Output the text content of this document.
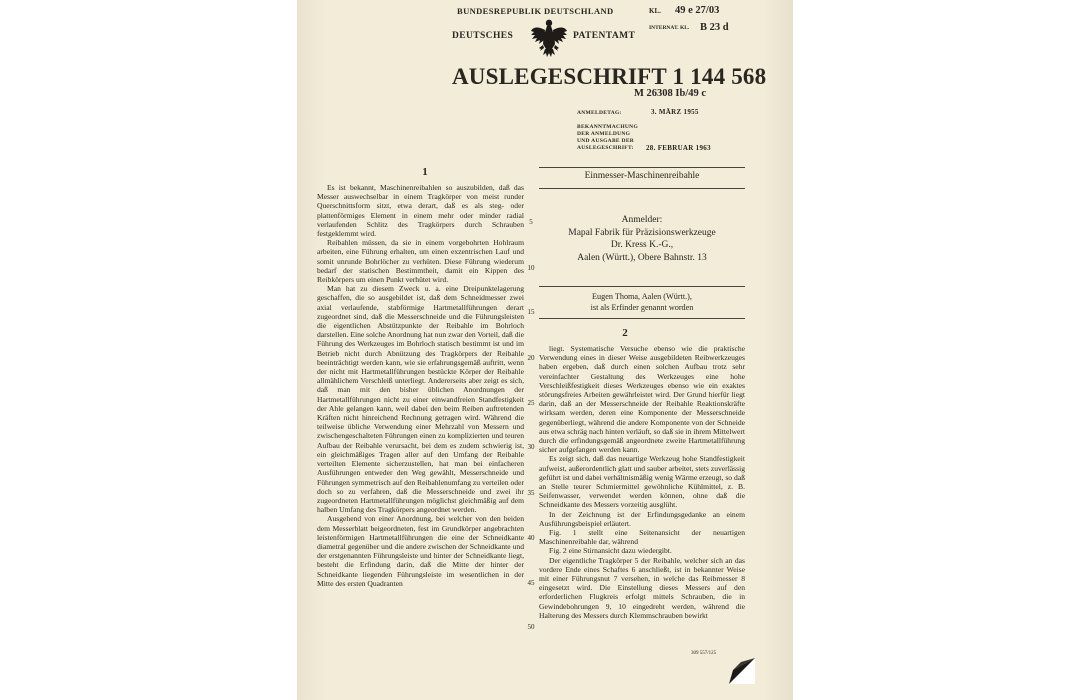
BUNDESREPUBLIK DEUTSCHLAND	KL. 49 e 27/03
DEUTSCHES	PATENTAMT
INTERNAT. KL. B 23 d
AUSLEGESCHRIFT 1 144 568
M 26308 Ib/49 c
ANMELDETAG:	3. MÄRZ 1955
BEKANNTMACHUNG
DER ANMELDUNG
UND AUSGABE DER
AUSLEGESCHRIFT:	28. FEBRUAR 1963
1

Es ist bekannt, Maschinenreibahlen so auszubilden, daß das Messer auswechselbar in einem Tragkörper von meist runder Querschnittsform sitzt, etwa derart, daß es als steg- oder plattenförmiges Element in einem mehr oder minder radial verlaufenden Schlitz des Tragkörpers durch Schrauben festgeklemmt wird.

Reibahlen müssen, da sie in einem vorgebohrten Hohlraum arbeiten, eine Führung erhalten, um einen exzentrischen Lauf und somit unrunde Bohrlöcher zu verhüten. Diese Führung wiederum bedarf der statischen Bestimmtheit, damit ein Kippen des Reibkörpers um einen Punkt verhütet wird.

Man hat zu diesem Zweck u. a. eine Dreipunktelagerung geschaffen, die so ausgebildet ist, daß dem Schneidmesser zwei axial verlaufende, stabförmige Hartmetallführungen derart zugeordnet sind, daß die Messerschneide und die Führungsleisten die eigentlichen Abstützpunkte der Reibahle im Bohrloch darstellen. Eine solche Anordnung hat nun zwar den Vorteil, daß die Führung des Werkzeuges im Bohrloch statisch bestimmt ist und im Betrieb nicht durch Abnützung des Tragkörpers der Reibahle beeinträchtigt werden kann, wie sie erfahrungsgemäß auftritt, wenn der nicht mit Hartmetallführungen bestückte Körper der Reibahle allmählichem Verschleiß unterliegt. Andererseits aber zeigt es sich, daß man mit den bisher üblichen Anordnungen der Hartmetallführungen nicht zu einer einwandfreien Standfestigkeit der Ahle gelangen kann, weil dabei den beim Reiben auftretenden Kräften nicht hinreichend Rechnung getragen wird. Während die teilweise übliche Verwendung einer Mehrzahl von Messern und zwischengeschalteten Führungen einen zu komplizierten und teuren Aufbau der Reibahle verursacht, bei dem es zudem schwierig ist, ein gleichmäßiges Tragen aller auf den Umfang der Reibahle verteilten Elemente sicherzustellen, hat man bei einfacheren Ausführungen entweder den Weg gewählt, Messerschneide und Führungen symmetrisch auf den Reibahlenumfang zu verteilen oder doch so zu verfahren, daß die Messerschneide und zwei ihr zugeordneten Hartmetallführungen möglichst gleichmäßig auf dem halben Umfang des Tragkörpers angeordnet werden.

Ausgehend von einer Anordnung, bei welcher von den beiden dem Messerblatt beigeordneten, fest im Grundkörper angebrachten leistenförmigen Hartmetallführungen die eine der Schneidkante diametral gegenüber und die andere zwischen der Schneidkante und der erstgenannten Führungsleiste und hinter der Schneidkante liegt, besteht die Erfindung darin, daß die Mitte der hinter der Schneidkante liegenden Führungsleiste im wesentlichen in der Mitte des ersten Quadranten

Einmesser-Maschinenreibahle
Anmelder:
Mapal Fabrik für Präzisionswerkzeuge
Dr. Kress K.-G.,
Aalen (Württ.), Obere Bahnstr. 13
Eugen Thoma, Aalen (Württ.),
ist als Erfinder genannt worden
2

liegt. Systematische Versuche ebenso wie die praktische Verwendung eines in dieser Weise ausgebildeten Reibwerkzeuges haben ergeben, daß durch einen solchen Aufbau trotz sehr vereinfachter Gestaltung des Werkzeuges eine hohe Verschleißfestigkeit dieses Werkzeuges ebenso wie ein exaktes störungsfreies Arbeiten gewährleistet wird. Der Grund hierfür liegt darin, daß an der Messerschneide der Reibahle Reaktionskräfte wirksam werden, deren eine Komponente der Messerschneide gegenüberliegt, während die andere Komponente von der Schneide aus etwa schräg nach hinten verläuft, so daß sie in ihrem Mittelwert durch die erfindungsgemäß angeordnete zweite Hartmetallführung sicher aufgefangen werden kann.

Es zeigt sich, daß das neuartige Werkzeug hohe Standfestigkeit aufweist, außerordentlich glatt und sauber arbeitet, stets zuverlässig geführt ist und dabei verhältnismäßig wenig Wärme erzeugt, so daß an Stelle teurer Schmiermittel gewöhnliche Kühlmittel, z. B. Seifenwasser, verwendet werden können, ohne daß die Schneidkante des Messers vorzeitig ausglüht.

In der Zeichnung ist der Erfindungsgedanke an einem Ausführungsbeispiel erläutert.

Fig. 1 stellt eine Seitenansicht der neuartigen Maschinenreibahle dar, während

Fig. 2 eine Stirnansicht dazu wiedergibt.

Der eigentliche Tragkörper 5 der Reibahle, welcher sich an das vordere Ende eines Schaftes 6 anschließt, ist in bekannter Weise mit einer Führungsnut 7 versehen, in welche das Reibmesser 8 eingesetzt wird. Die Einstellung dieses Messers auf den erforderlichen Flugkreis erfolgt mittels Schrauben, die in Gewindebohrungen 9, 10 eingedreht werden, während die Halterung des Messers durch Klemmschrauben bewirkt

5
10
15
20
25
30
35
40
45
50
309 557/125
